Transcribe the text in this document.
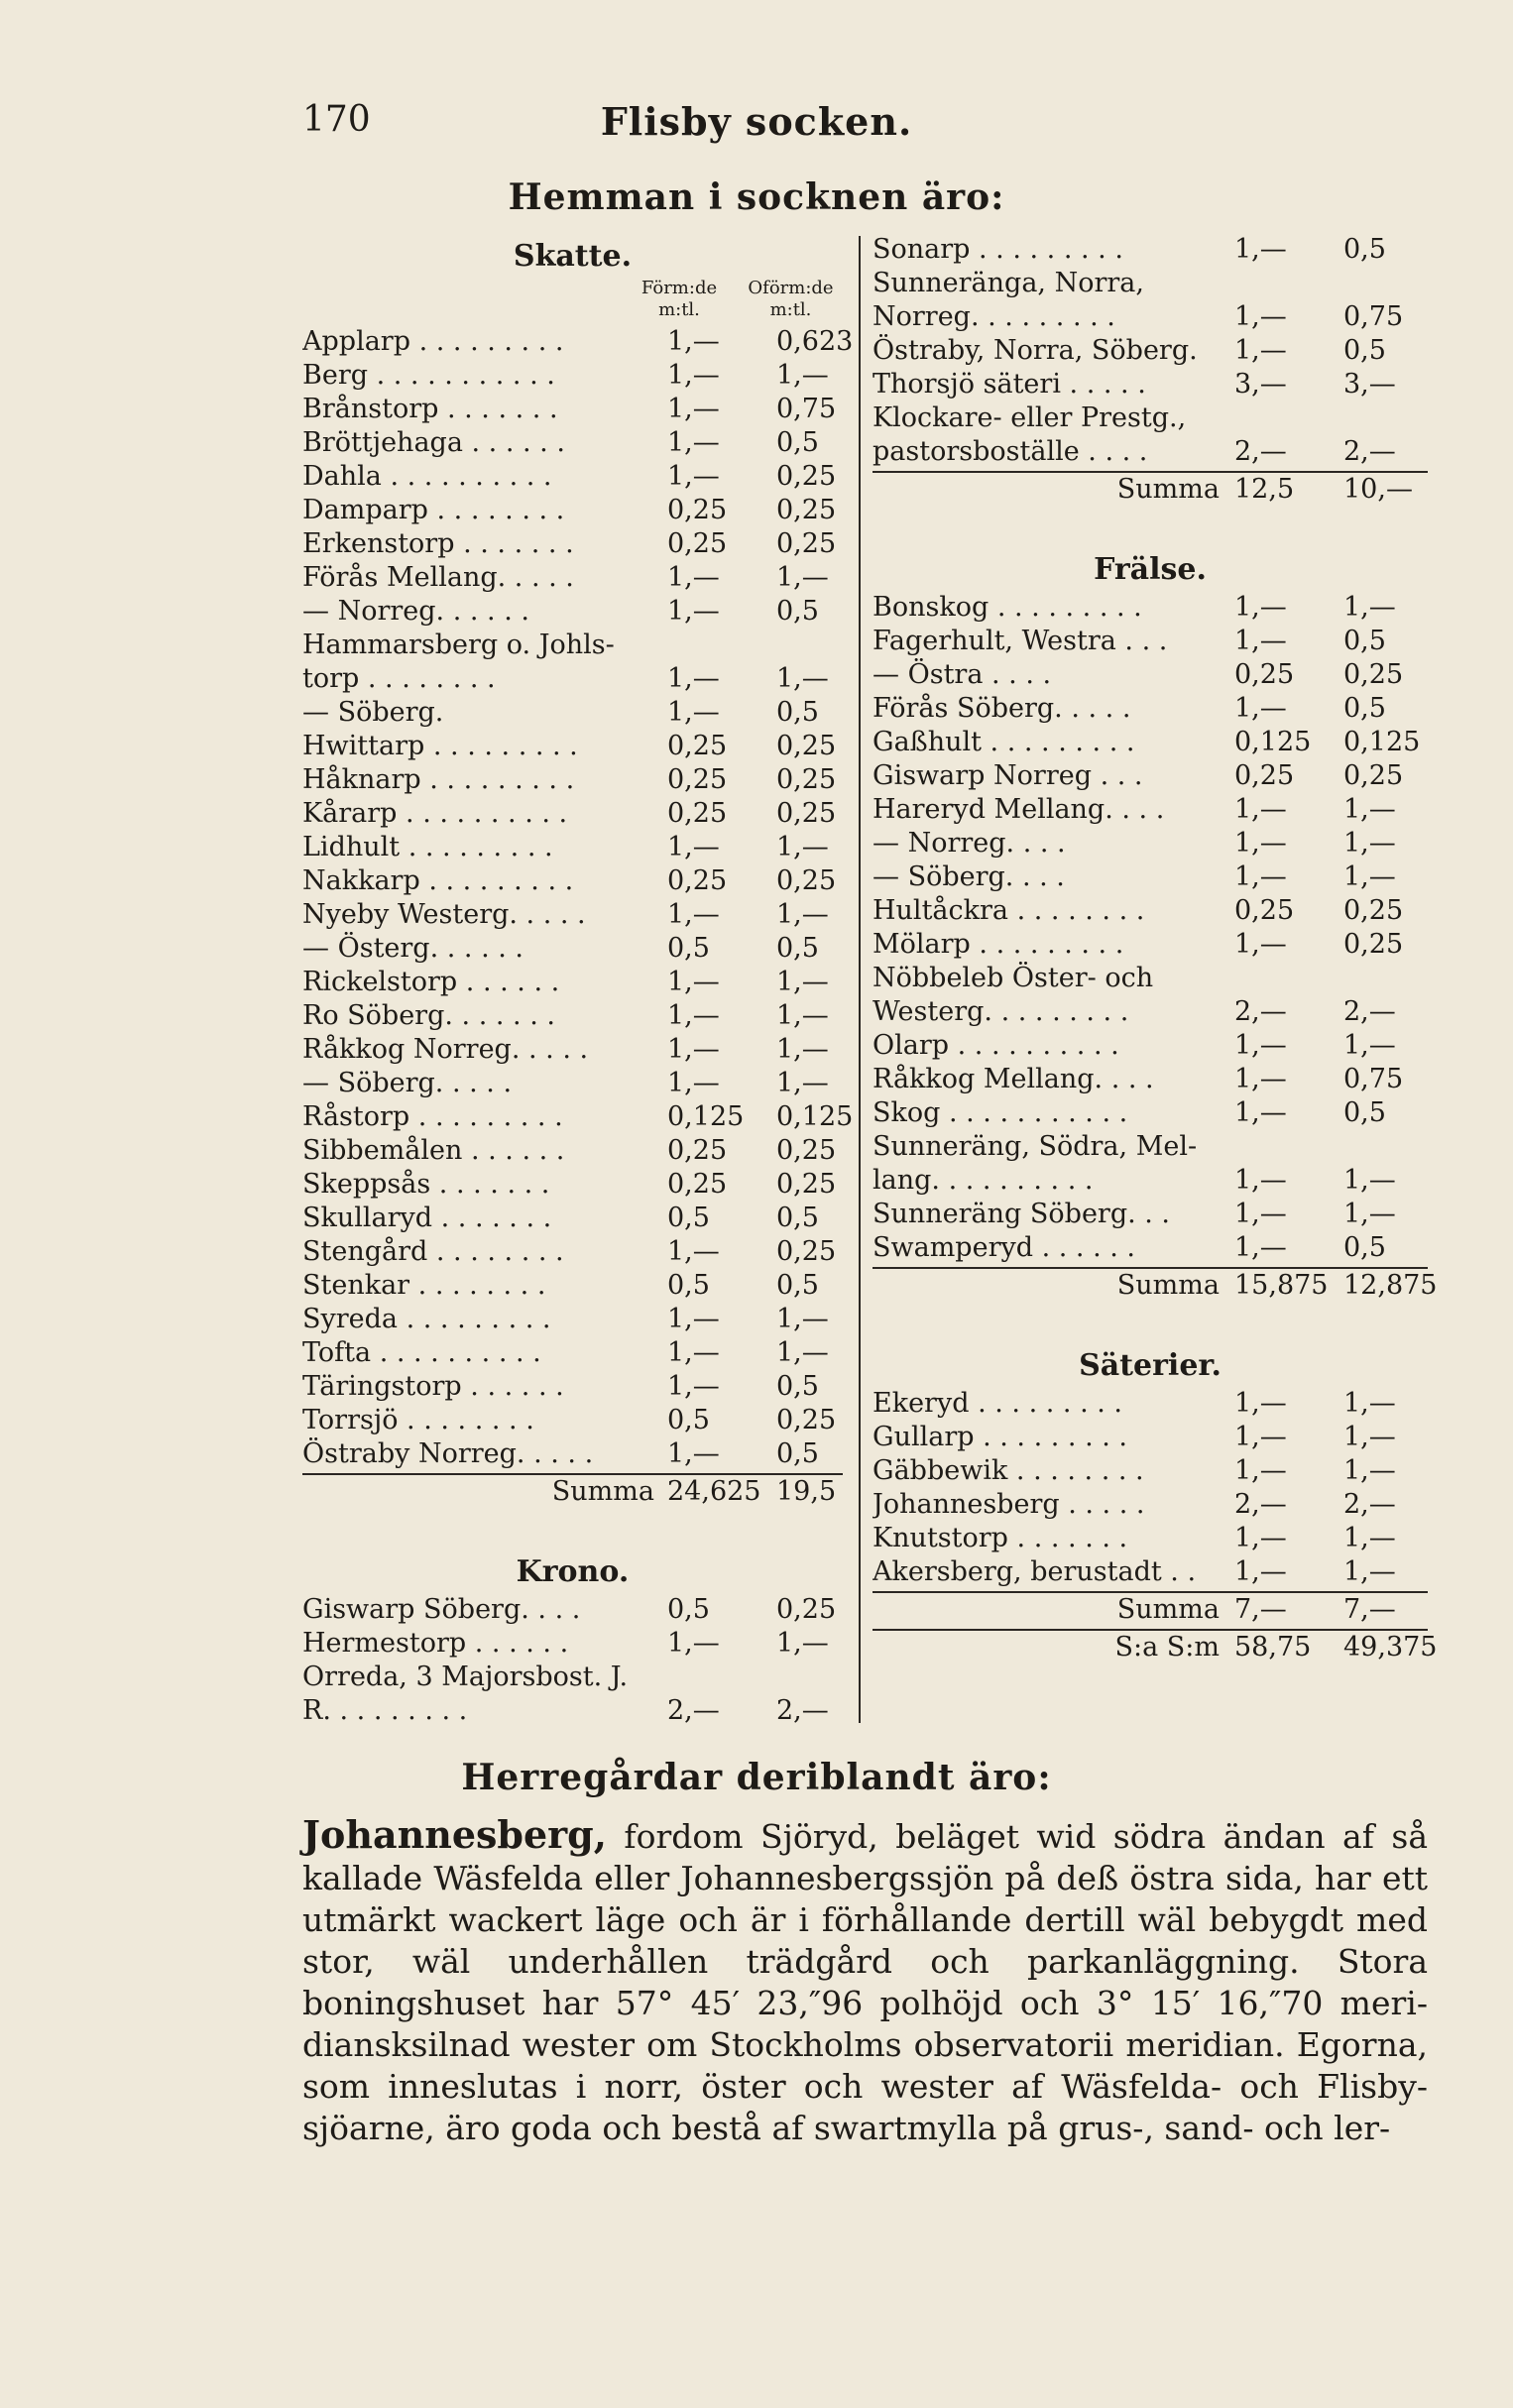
170	Flisby socken.
Hemman i socknen äro:
Skatte.
Förm:de
m:tl.
Oförm:de
m:tl.
Applarp . . . . . . . . .	1,— 0,623
Berg . . . . . . . . . . .	1,— 1,—
Brånstorp . . . . . . .	1,— 0,75
Bröttjehaga . . . . . .	1,— 0,5
Dahla . . . . . . . . . .	1,— 0,25
Damparp . . . . . . . .	0,25 0,25
Erkenstorp . . . . . . .	0,25 0,25
Förås Mellang. . . . .	1,— 1,—
— Norreg. . . . . .	1,— 0,5
Hammarsberg o. Johls-torp . . . . . . . .	1,— 1,—
— Söberg.	1,— 0,5
Hwittarp . . . . . . . . .	0,25 0,25
Håknarp . . . . . . . . .	0,25 0,25
Kårarp . . . . . . . . . .	0,25 0,25
Lidhult . . . . . . . . .	1,— 1,—
Nakkarp . . . . . . . . .	0,25 0,25
Nyeby Westerg. . . . .	1,— 1,—
— Österg. . . . . .	0,5 0,5
Rickelstorp . . . . . .	1,— 1,—
Ro Söberg. . . . . . .	1,— 1,—
Råkkog Norreg. . . . .	1,— 1,—
— Söberg. . . . .	1,— 1,—
Råstorp . . . . . . . . .	0,125 0,125
Sibbemålen . . . . . .	0,25 0,25
Skeppsås . . . . . . .	0,25 0,25
Skullaryd . . . . . . .	0,5 0,5
Stengård . . . . . . . .	1,— 0,25
Stenkar . . . . . . . .	0,5 0,5
Syreda . . . . . . . . .	1,— 1,—
Tofta . . . . . . . . . .	1,— 1,—
Täringstorp . . . . . .	1,— 0,5
Torrsjö . . . . . . . .	0,5 0,25
Östraby Norreg. . . . .	1,— 0,5
Summa 24,625 19,5
Krono.
Giswarp Söberg. . . .	0,5 0,25
Hermestorp . . . . . .	1,— 1,—
Orreda, 3 Majorsbost. J. R. . . . . . . . .	2,— 2,—
Sonarp . . . . . . . . .	1,— 0,5
Sunneränga, Norra, Norreg. . . . . . . . .	1,— 0,75
Östraby, Norra, Söberg.	1,— 0,5
Thorsjö säteri . . . . .	3,— 3,—
Klockare- eller Prestg., pastorsboställe . . . .	2,— 2,—
Summa 12,5 10,—
Frälse.
Bonskog . . . . . . . . .	1,— 1,—
Fagerhult, Westra . . .	1,— 0,5
— Östra . . . .	0,25 0,25
Förås Söberg. . . . .	1,— 0,5
Gaßhult . . . . . . . . .	0,125 0,125
Giswarp Norreg . . .	0,25 0,25
Hareryd Mellang. . . .	1,— 1,—
— Norreg. . . .	1,— 1,—
— Söberg. . . .	1,— 1,—
Hultåckra . . . . . . . .	0,25 0,25
Mölarp . . . . . . . . .	1,— 0,25
Nöbbeleb Öster- och Westerg. . . . . . . . .	2,— 2,—
Olarp . . . . . . . . . .	1,— 1,—
Råkkog Mellang. . . .	1,— 0,75
Skog . . . . . . . . . . .	1,— 0,5
Sunneräng, Södra, Mel-lang. . . . . . . . . .	1,— 1,—
Sunneräng Söberg. . .	1,— 1,—
Swamperyd . . . . . .	1,— 0,5
Summa 15,875 12,875
Säterier.
Ekeryd . . . . . . . . .	1,— 1,—
Gullarp . . . . . . . . .	1,— 1,—
Gäbbewik . . . . . . . .	1,— 1,—
Johannesberg . . . . .	2,— 2,—
Knutstorp . . . . . . .	1,— 1,—
Akersberg, berustadt . .	1,— 1,—
Summa 7,— 7,—
S:a S:m 58,75 49,375
Herregårdar deriblandt äro:
Johannesberg, fordom Sjöryd, beläget wid södra ändan af så kallade Wäsfelda eller Johannesbergssjön på deß östra sida, har ett utmärkt wackert läge och är i förhållande dertill wäl bebygdt med stor, wäl underhållen trädgård och parkanläggning. Stora boningshuset har 57° 45′ 23,″96 polhöjd och 3° 15′ 16,″70 meri- diansksilnad wester om Stockholms observatorii meridian. Egorna, som inneslutas i norr, öster och wester af Wäsfelda- och Flisby- sjöarne, äro goda och bestå af swartmylla på grus-, sand- och ler-
